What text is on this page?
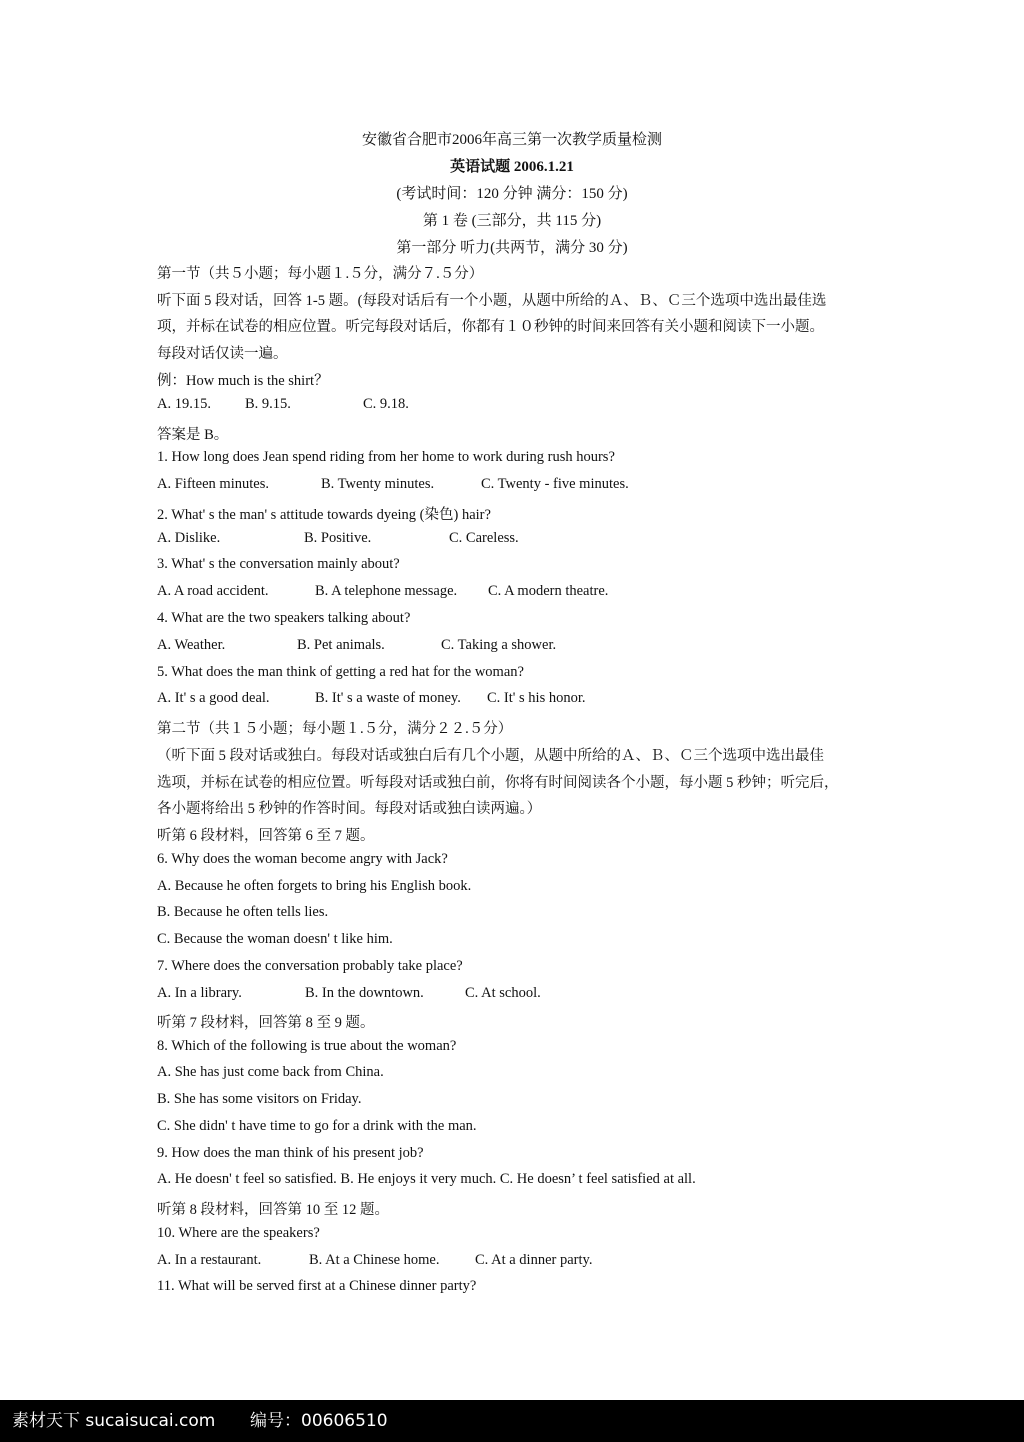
安徽省合肥市2006年高三第一次教学质量检测
英语试题 2006.1.21
(考试时间：120 分钟 满分：150 分)
第 1 卷 (三部分，共 115 分)
第一部分 听力(共两节，满分 30 分)
第一节（共５小题；每小题１.５分，满分７.５分）
听下面 5 段对话，回答 1-5 题。(每段对话后有一个小题，从题中所给的Ａ、Ｂ、Ｃ三个选项中选出最佳选
项，并标在试卷的相应位置。听完每段对话后，你都有１０秒钟的时间来回答有关小题和阅读下一小题。
每段对话仅读一遍。
例：How much is the shirt？
A. 19.15. B. 9.15.	C. 9.18.
答案是 B。
1. How long does Jean spend riding from her home to work during rush hours?
A. Fifteen minutes.	B. Twenty minutes.	C. Twenty - five minutes.
2. What' s the man' s attitude towards dyeing (染色) hair?
A. Dislike.	B. Positive.	C. Careless.
3. What' s the conversation mainly about?
A. A road accident.	B. A telephone message. C. A modern theatre.
4. What are the two speakers talking about?
A. Weather.	B. Pet animals.	C. Taking a shower.
5. What does the man think of getting a red hat for the woman?
A. It' s a good deal.	B. It' s a waste of money. C. It' s his honor.
第二节（共１５小题；每小题１.５分，满分２２.５分）
（听下面 5 段对话或独白。每段对话或独白后有几个小题，从题中所给的Ａ、Ｂ、Ｃ三个选项中选出最佳
选项，并标在试卷的相应位置。听每段对话或独白前，你将有时间阅读各个小题，每小题 5 秒钟；听完后，
各小题将给出 5 秒钟的作答时间。每段对话或独白读两遍。）
听第 6 段材料，回答第 6 至 7 题。
6. Why does the woman become angry with Jack?
A. Because he often forgets to bring his English book.
B. Because he often tells lies.
C. Because the woman doesn' t like him.
7. Where does the conversation probably take place?
A. In a library.	B. In the downtown.	C. At school.
听第 7 段材料，回答第 8 至 9 题。
8. Which of the following is true about the woman?
A. She has just come back from China.
B. She has some visitors on Friday.
C. She didn' t have time to go for a drink with the man.
9. How does the man think of his present job?
A. He doesn' t feel so satisfied. B. He enjoys it very much. C. He doesn’ t feel satisfied at all.
听第 8 段材料，回答第 10 至 12 题。
10. Where are the speakers?
A. In a restaurant.	B. At a Chinese home. C. At a dinner party.
11. What will be served first at a Chinese dinner party?
素材天下 sucaisucai.com 编号：00606510
